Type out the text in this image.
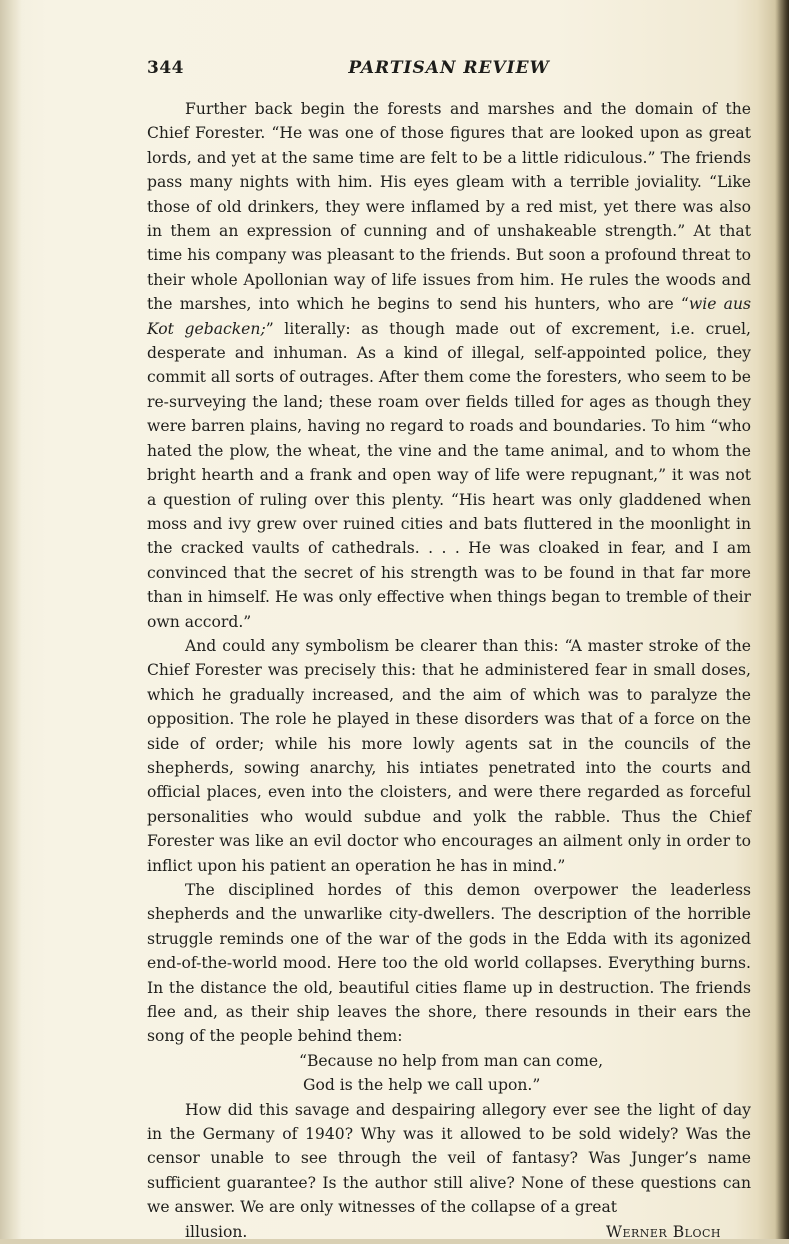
344	PARTISAN REVIEW

Further back begin the forests and marshes and the domain of the Chief Forester. “He was one of those figures that are looked upon as great lords, and yet at the same time are felt to be a little ridiculous.” The friends pass many nights with him. His eyes gleam with a terrible joviality. “Like those of old drinkers, they were inflamed by a red mist, yet there was also in them an expression of cunning and of unshakeable strength.” At that time his company was pleasant to the friends. But soon a profound threat to their whole Apollonian way of life issues from him. He rules the woods and the marshes, into which he begins to send his hunters, who are “wie aus Kot gebacken;” literally: as though made out of excrement, i.e. cruel, desperate and inhuman. As a kind of illegal, self-appointed police, they commit all sorts of outrages. After them come the foresters, who seem to be re-surveying the land; these roam over fields tilled for ages as though they were barren plains, having no regard to roads and boundaries. To him “who hated the plow, the wheat, the vine and the tame animal, and to whom the bright hearth and a frank and open way of life were repugnant,” it was not a question of ruling over this plenty. “His heart was only gladdened when moss and ivy grew over ruined cities and bats fluttered in the moonlight in the cracked vaults of cathedrals. . . . He was cloaked in fear, and I am convinced that the secret of his strength was to be found in that far more than in himself. He was only effective when things began to tremble of their own accord.”

And could any symbolism be clearer than this: “A master stroke of the Chief Forester was precisely this: that he administered fear in small doses, which he gradually increased, and the aim of which was to paralyze the opposition. The role he played in these disorders was that of a force on the side of order; while his more lowly agents sat in the councils of the shepherds, sowing anarchy, his intiates penetrated into the courts and official places, even into the cloisters, and were there regarded as forceful personalities who would subdue and yolk the rabble. Thus the Chief Forester was like an evil doctor who encourages an ailment only in order to inflict upon his patient an operation he has in mind.”

The disciplined hordes of this demon overpower the leaderless shepherds and the unwarlike city-dwellers. The description of the horrible struggle reminds one of the war of the gods in the Edda with its agonized end-of-the-world mood. Here too the old world collapses. Everything burns. In the distance the old, beautiful cities flame up in destruction. The friends flee and, as their ship leaves the shore, there resounds in their ears the song of the people behind them:

“Because no help from man can come,
God is the help we call upon.”

How did this savage and despairing allegory ever see the light of day in the Germany of 1940? Why was it allowed to be sold widely? Was the censor unable to see through the veil of fantasy? Was Junger’s name sufficient guarantee? Is the author still alive? None of these questions can we answer. We are only witnesses of the collapse of a great

illusion.	Werner Bloch
